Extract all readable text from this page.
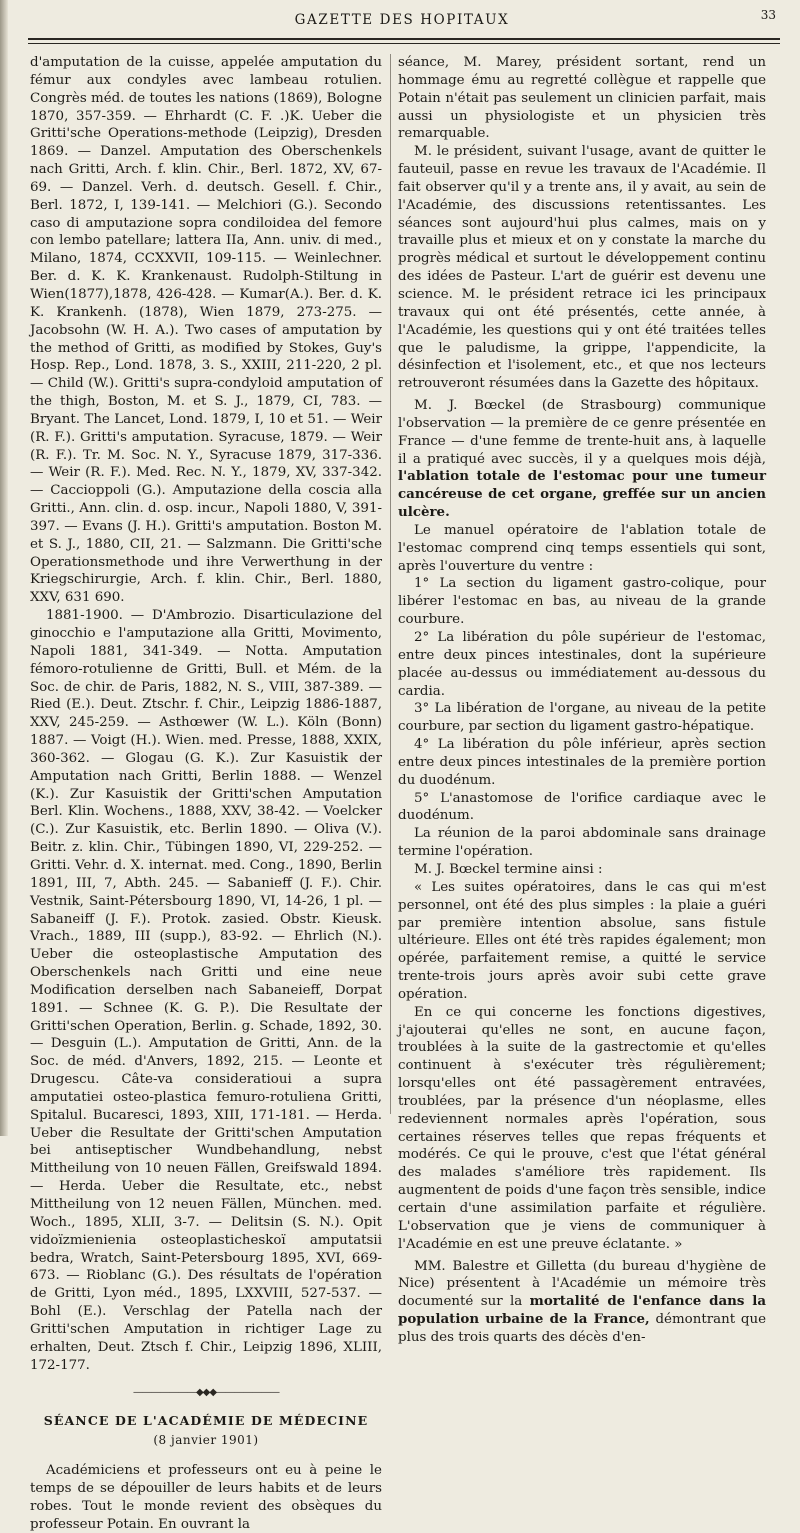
GAZETTE DES HOPITAUX	33

d'amputation de la cuisse, appelée amputation du fémur aux condyles avec lambeau rotulien. Congrès méd. de toutes les nations (1869), Bologne 1870, 357-359. — Ehrhardt (C. F. .)K. Ueber die Gritti'sche Operations-methode (Leipzig), Dresden 1869. — Danzel. Amputation des Oberschenkels nach Gritti, Arch. f. klin. Chir., Berl. 1872, XV, 67-69. — Danzel. Verh. d. deutsch. Gesell. f. Chir., Berl. 1872, I, 139-141. — Melchiori (G.). Secondo caso di amputazione sopra condiloidea del femore con lembo patellare; lattera IIa, Ann. univ. di med., Milano, 1874, CCXXVII, 109-115. — Weinlechner. Ber. d. K. K. Krankenaust. Rudolph-Stiltung in Wien(1877),1878, 426-428. — Kumar(A.). Ber. d. K. K. Krankenh. (1878), Wien 1879, 273-275. — Jacobsohn (W. H. A.). Two cases of amputation by the method of Gritti, as modified by Stokes, Guy's Hosp. Rep., Lond. 1878, 3. S., XXIII, 211-220, 2 pl. — Child (W.). Gritti's supra-condyloid amputation of the thigh, Boston, M. et S. J., 1879, CI, 783. — Bryant. The Lancet, Lond. 1879, I, 10 et 51. — Weir (R. F.). Gritti's amputation. Syracuse, 1879. — Weir (R. F.). Tr. M. Soc. N. Y., Syracuse 1879, 317-336. — Weir (R. F.). Med. Rec. N. Y., 1879, XV, 337-342. — Caccioppoli (G.). Amputazione della coscia alla Gritti., Ann. clin. d. osp. incur., Napoli 1880, V, 391-397. — Evans (J. H.). Gritti's amputation. Boston M. et S. J., 1880, CII, 21. — Salzmann. Die Gritti'sche Operationsmethode und ihre Verwerthung in der Kriegschirurgie, Arch. f. klin. Chir., Berl. 1880, XXV, 631 690.

1881-1900. — D'Ambrozio. Disarticulazione del ginocchio e l'amputazione alla Gritti, Movimento, Napoli 1881, 341-349. — Notta. Amputation fémoro-rotulienne de Gritti, Bull. et Mém. de la Soc. de chir. de Paris, 1882, N. S., VIII, 387-389. — Ried (E.). Deut. Ztschr. f. Chir., Leipzig 1886-1887, XXV, 245-259. — Asthœwer (W. L.). Köln (Bonn) 1887. — Voigt (H.). Wien. med. Presse, 1888, XXIX, 360-362. — Glogau (G. K.). Zur Kasuistik der Amputation nach Gritti, Berlin 1888. — Wenzel (K.). Zur Kasuistik der Gritti'schen Amputation Berl. Klin. Wochens., 1888, XXV, 38-42. — Voelcker (C.). Zur Kasuistik, etc. Berlin 1890. — Oliva (V.). Beitr. z. klin. Chir., Tübingen 1890, VI, 229-252. — Gritti. Vehr. d. X. internat. med. Cong., 1890, Berlin 1891, III, 7, Abth. 245. — Sabanieff (J. F.). Chir. Vestnik, Saint-Pétersbourg 1890, VI, 14-26, 1 pl. — Sabaneiff (J. F.). Protok. zasied. Obstr. Kieusk. Vrach., 1889, III (supp.), 83-92. — Ehrlich (N.). Ueber die osteoplastische Amputation des Oberschenkels nach Gritti und eine neue Modification derselben nach Sabaneieff, Dorpat 1891. — Schnee (K. G. P.). Die Resultate der Gritti'schen Operation, Berlin. g. Schade, 1892, 30. — Desguin (L.). Amputation de Gritti, Ann. de la Soc. de méd. d'Anvers, 1892, 215. — Leonte et Drugescu. Câte-va consideratioui a supra amputatiei osteo-plastica femuro-rotuliena Gritti, Spitalul. Bucaresci, 1893, XIII, 171-181. — Herda. Ueber die Resultate der Gritti'schen Amputation bei antiseptischer Wundbehandlung, nebst Mittheilung von 10 neuen Fällen, Greifswald 1894. — Herda. Ueber die Resultate, etc., nebst Mittheilung von 12 neuen Fällen, München. med. Woch., 1895, XLII, 3-7. — Delitsin (S. N.). Opit vidoïzmienienia osteoplasticheskoï amputatsii bedra, Wratch, Saint-Petersbourg 1895, XVI, 669-673. — Rioblanc (G.). Des résultats de l'opération de Gritti, Lyon méd., 1895, LXXVIII, 527-537. — Bohl (E.). Verschlag der Patella nach der Gritti'schen Amputation in richtiger Lage zu erhalten, Deut. Ztsch f. Chir., Leipzig 1896, XLIII, 172-177.

———————◆◆◆———————
SÉANCE DE L'ACADÉMIE DE MÉDECINE
(8 janvier 1901)

Académiciens et professeurs ont eu à peine le temps de se dépouiller de leurs habits et de leurs robes. Tout le monde revient des obsèques du professeur Potain. En ouvrant la

séance, M. Marey, président sortant, rend un hommage ému au regretté collègue et rappelle que Potain n'était pas seulement un clinicien parfait, mais aussi un physiologiste et un physicien très remarquable.

M. le président, suivant l'usage, avant de quitter le fauteuil, passe en revue les travaux de l'Académie. Il fait observer qu'il y a trente ans, il y avait, au sein de l'Académie, des discussions retentissantes. Les séances sont aujourd'hui plus calmes, mais on y travaille plus et mieux et on y constate la marche du progrès médical et surtout le développement continu des idées de Pasteur. L'art de guérir est devenu une science. M. le président retrace ici les principaux travaux qui ont été présentés, cette année, à l'Académie, les questions qui y ont été traitées telles que le paludisme, la grippe, l'appendicite, la désinfection et l'isolement, etc., et que nos lecteurs retrouveront résumées dans la Gazette des hôpitaux.

M. J. Bœckel (de Strasbourg) communique l'observation — la première de ce genre présentée en France — d'une femme de trente-huit ans, à laquelle il a pratiqué avec succès, il y a quelques mois déjà, l'ablation totale de l'estomac pour une tumeur cancéreuse de cet organe, greffée sur un ancien ulcère.

Le manuel opératoire de l'ablation totale de l'estomac comprend cinq temps essentiels qui sont, après l'ouverture du ventre :

1° La section du ligament gastro-colique, pour libérer l'estomac en bas, au niveau de la grande courbure.

2° La libération du pôle supérieur de l'estomac, entre deux pinces intestinales, dont la supérieure placée au-dessus ou immédiatement au-dessous du cardia.

3° La libération de l'organe, au niveau de la petite courbure, par section du ligament gastro-hépatique.

4° La libération du pôle inférieur, après section entre deux pinces intestinales de la première portion du duodénum.

5° L'anastomose de l'orifice cardiaque avec le duodénum.

La réunion de la paroi abdominale sans drainage termine l'opération.

M. J. Bœckel termine ainsi :

« Les suites opératoires, dans le cas qui m'est personnel, ont été des plus simples : la plaie a guéri par première intention absolue, sans fistule ultérieure. Elles ont été très rapides également; mon opérée, parfaitement remise, a quitté le service trente-trois jours après avoir subi cette grave opération.

En ce qui concerne les fonctions digestives, j'ajouterai qu'elles ne sont, en aucune façon, troublées à la suite de la gastrectomie et qu'elles continuent à s'exécuter très régulièrement; lorsqu'elles ont été passagèrement entravées, troublées, par la présence d'un néoplasme, elles redeviennent normales après l'opération, sous certaines réserves telles que repas fréquents et modérés. Ce qui le prouve, c'est que l'état général des malades s'améliore très rapidement. Ils augmentent de poids d'une façon très sensible, indice certain d'une assimilation parfaite et régulière. L'observation que je viens de communiquer à l'Académie en est une preuve éclatante. »

MM. Balestre et Gilletta (du bureau d'hygiène de Nice) présentent à l'Académie un mémoire très documenté sur la mortalité de l'enfance dans la population urbaine de la France, démontrant que plus des trois quarts des décès d'en-
